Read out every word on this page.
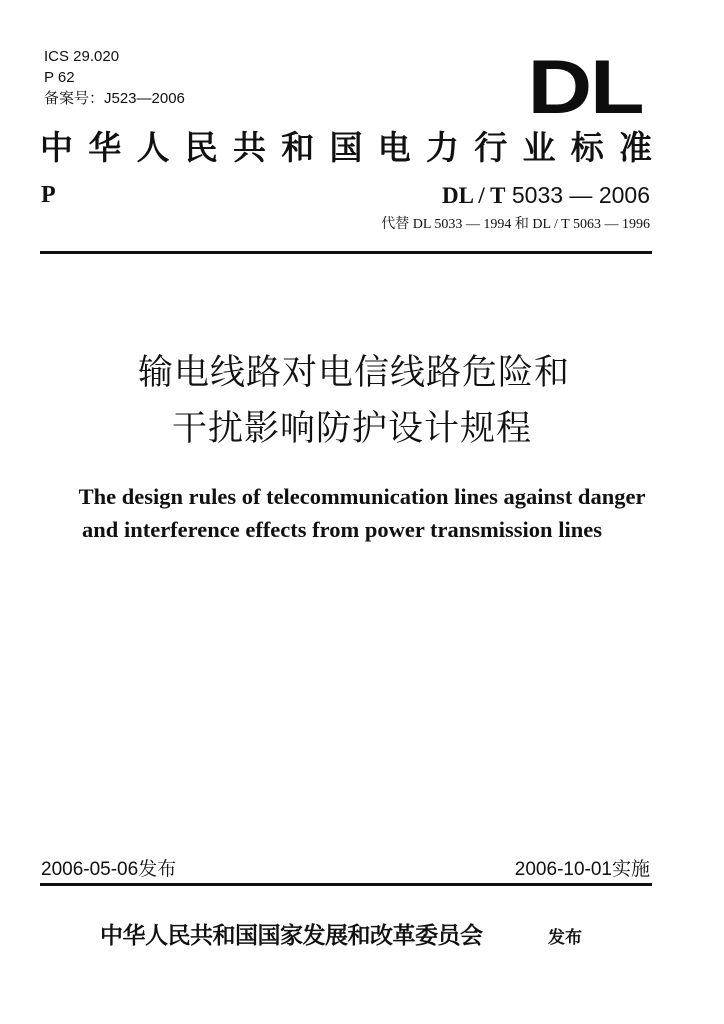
ICS 29.020
P 62
备案号：J523—2006	DL
中 华 人 民 共 和 国 电 力 行 业 标 准
P	DL / T 5033 — 2006
代替 DL 5033 — 1994 和 DL / T 5063 — 1996
输电线路对电信线路危险和
干扰影响防护设计规程
The design rules of telecommunication lines against danger
and interference effects from power transmission lines
2006-05-06发布	2006-10-01实施
中华人民共和国国家发展和改革委员会	发布
